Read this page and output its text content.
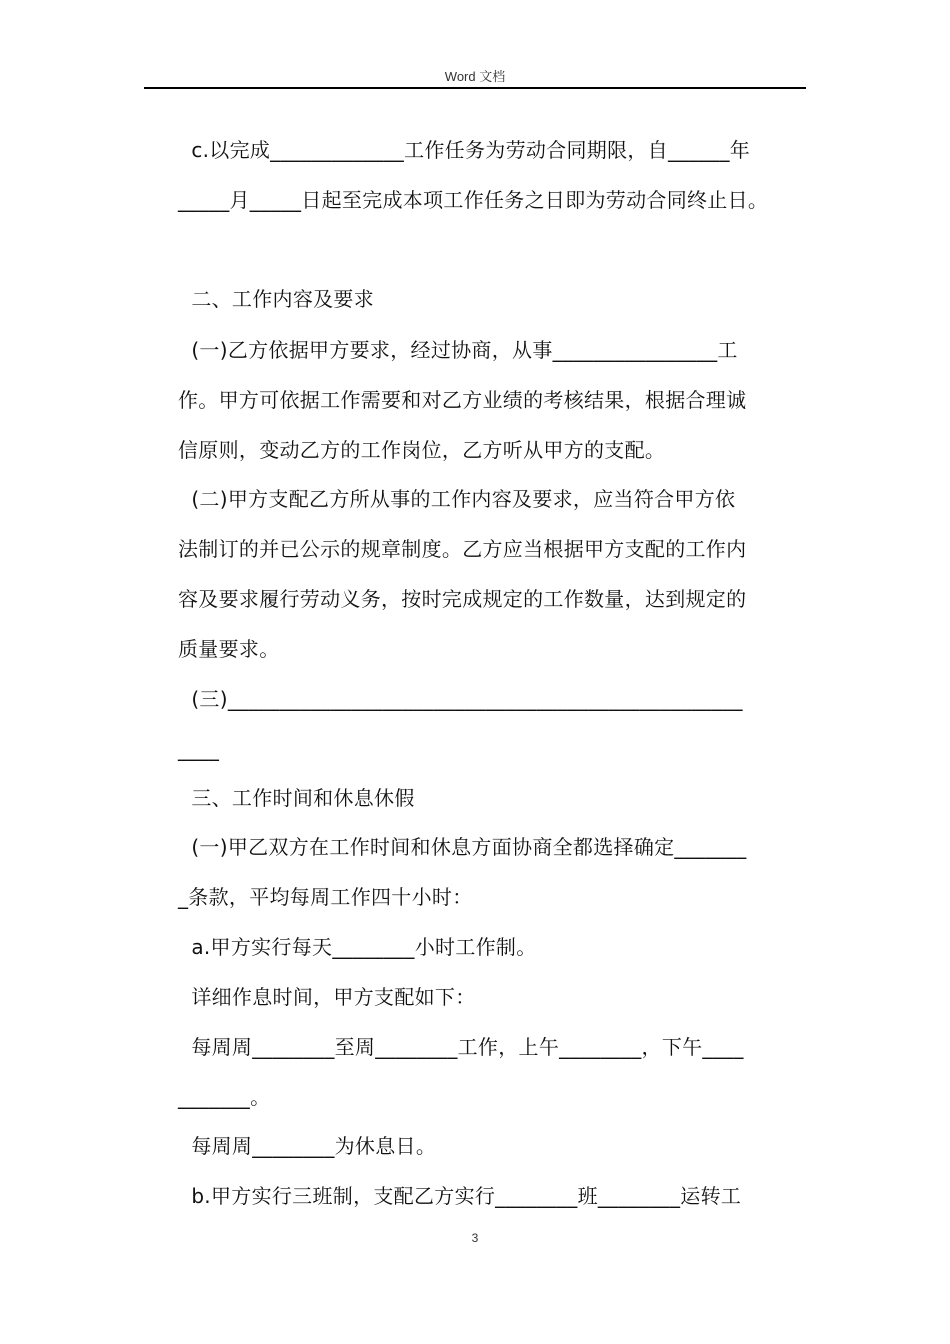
Word 文档
c.以完成_____________工作任务为劳动合同期限，自______年
_____月_____日起至完成本项工作任务之日即为劳动合同终止日。
二、工作内容及要求
(一)乙方依据甲方要求，经过协商，从事________________工
作。甲方可依据工作需要和对乙方业绩的考核结果，根据合理诚
信原则，变动乙方的工作岗位，乙方听从甲方的支配。
(二)甲方支配乙方所从事的工作内容及要求，应当符合甲方依
法制订的并已公示的规章制度。乙方应当根据甲方支配的工作内
容及要求履行劳动义务，按时完成规定的工作数量，达到规定的
质量要求。
(三)__________________________________________________
____
三、工作时间和休息休假
(一)甲乙双方在工作时间和休息方面协商全都选择确定_______
_条款，平均每周工作四十小时：
a.甲方实行每天________小时工作制。
详细作息时间，甲方支配如下：
每周周________至周________工作，上午________，下午____
_______。
每周周________为休息日。
b.甲方实行三班制，支配乙方实行________班________运转工
3
